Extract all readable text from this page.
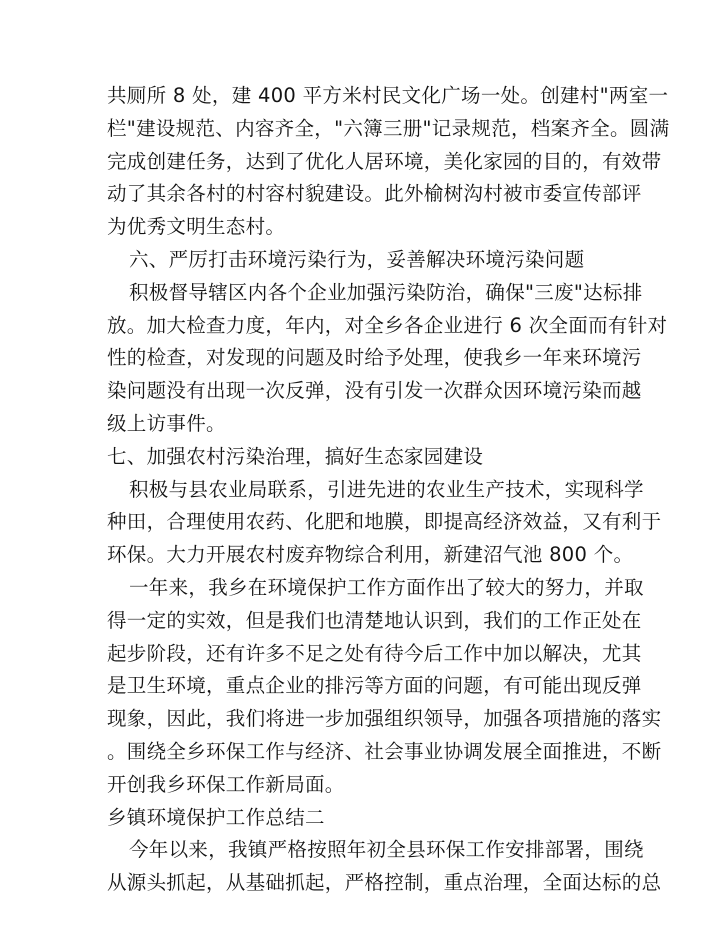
共厕所 8 处，建 400 平方米村民文化广场一处。创建村"两室一
栏"建设规范、内容齐全，"六簿三册"记录规范，档案齐全。圆满
完成创建任务，达到了优化人居环境，美化家园的目的，有效带
动了其余各村的村容村貌建设。此外榆树沟村被市委宣传部评
为优秀文明生态村。
六、严厉打击环境污染行为，妥善解决环境污染问题
积极督导辖区内各个企业加强污染防治，确保"三废"达标排
放。加大检查力度，年内，对全乡各企业进行 6 次全面而有针对
性的检查，对发现的问题及时给予处理，使我乡一年来环境污
染问题没有出现一次反弹，没有引发一次群众因环境污染而越
级上访事件。
七、加强农村污染治理，搞好生态家园建设
积极与县农业局联系，引进先进的农业生产技术，实现科学
种田，合理使用农药、化肥和地膜，即提高经济效益，又有利于
环保。大力开展农村废弃物综合利用，新建沼气池 800 个。
一年来，我乡在环境保护工作方面作出了较大的努力，并取
得一定的实效，但是我们也清楚地认识到，我们的工作正处在
起步阶段，还有许多不足之处有待今后工作中加以解决，尤其
是卫生环境，重点企业的排污等方面的问题，有可能出现反弹
现象，因此，我们将进一步加强组织领导，加强各项措施的落实
。围绕全乡环保工作与经济、社会事业协调发展全面推进，不断
开创我乡环保工作新局面。
乡镇环境保护工作总结二
今年以来，我镇严格按照年初全县环保工作安排部署，围绕
从源头抓起，从基础抓起，严格控制，重点治理，全面达标的总
